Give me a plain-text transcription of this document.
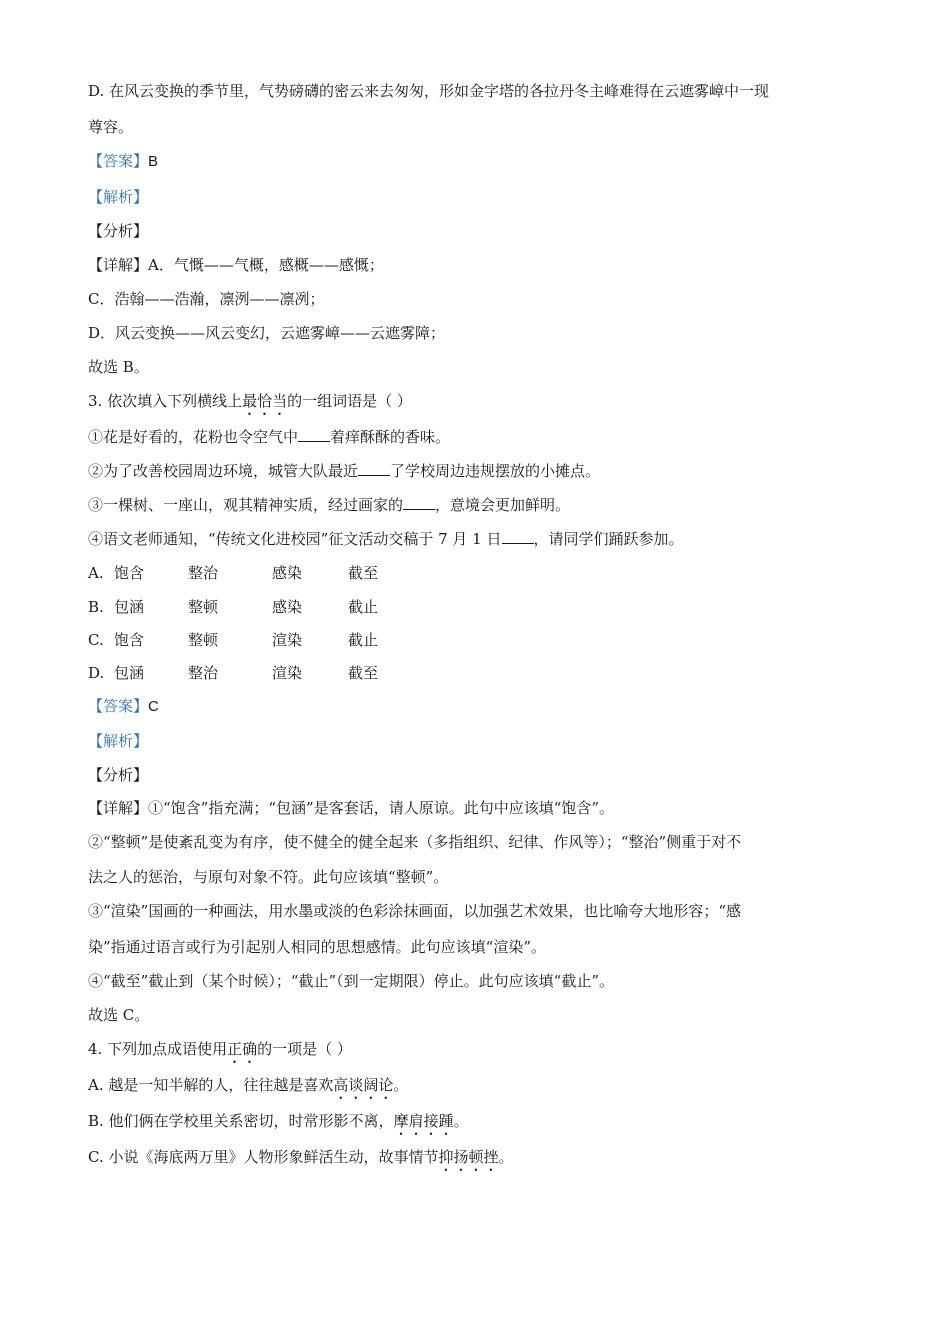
D. 在风云变换的季节里，气势磅礴的密云来去匆匆，形如金字塔的各拉丹冬主峰难得在云遮雾嶂中一现
尊容。
【答案】B
【解析】
【分析】
【详解】A．气慨——气概，感概——感慨；
C．浩翰——浩瀚，凛洌——凛冽；
D．风云变换——风云变幻，云遮雾嶂——云遮雾障；
故选 B。
3. 依次填入下列横线上最恰当的一组词语是（ ）
①花是好看的，花粉也令空气中 着痒酥酥的香味。
②为了改善校园周边环境，城管大队最近 了学校周边违规摆放的小摊点。
③一棵树、一座山，观其精神实质，经过画家的 ，意境会更加鲜明。
④语文老师通知，“传统文化进校园”征文活动交稿于 7 月 1 日 ，请同学们踊跃参加。
A. 饱含	整治	感染	截至
B. 包涵	整顿	感染	截止
C. 饱含	整顿	渲染	截止
D. 包涵	整治	渲染	截至
【答案】C
【解析】
【分析】
【详解】①“饱含”指充满；“包涵”是客套话，请人原谅。此句中应该填“饱含”。
②“整顿”是使紊乱变为有序，使不健全的健全起来（多指组织、纪律、作风等）；“整治”侧重于对不
法之人的惩治，与原句对象不符。此句应该填“整顿”。
③“渲染”国画的一种画法，用水墨或淡的色彩涂抹画面，以加强艺术效果，也比喻夸大地形容；“感
染”指通过语言或行为引起别人相同的思想感情。此句应该填“渲染”。
④“截至”截止到（某个时候）；“截止”（到一定期限）停止。此句应该填“截止”。
故选 C。
4. 下列加点成语使用正确的一项是（ ）
A. 越是一知半解的人，往往越是喜欢高谈阔论。
B. 他们俩在学校里关系密切，时常形影不离，摩肩接踵。
C. 小说《海底两万里》人物形象鲜活生动，故事情节抑扬顿挫。
